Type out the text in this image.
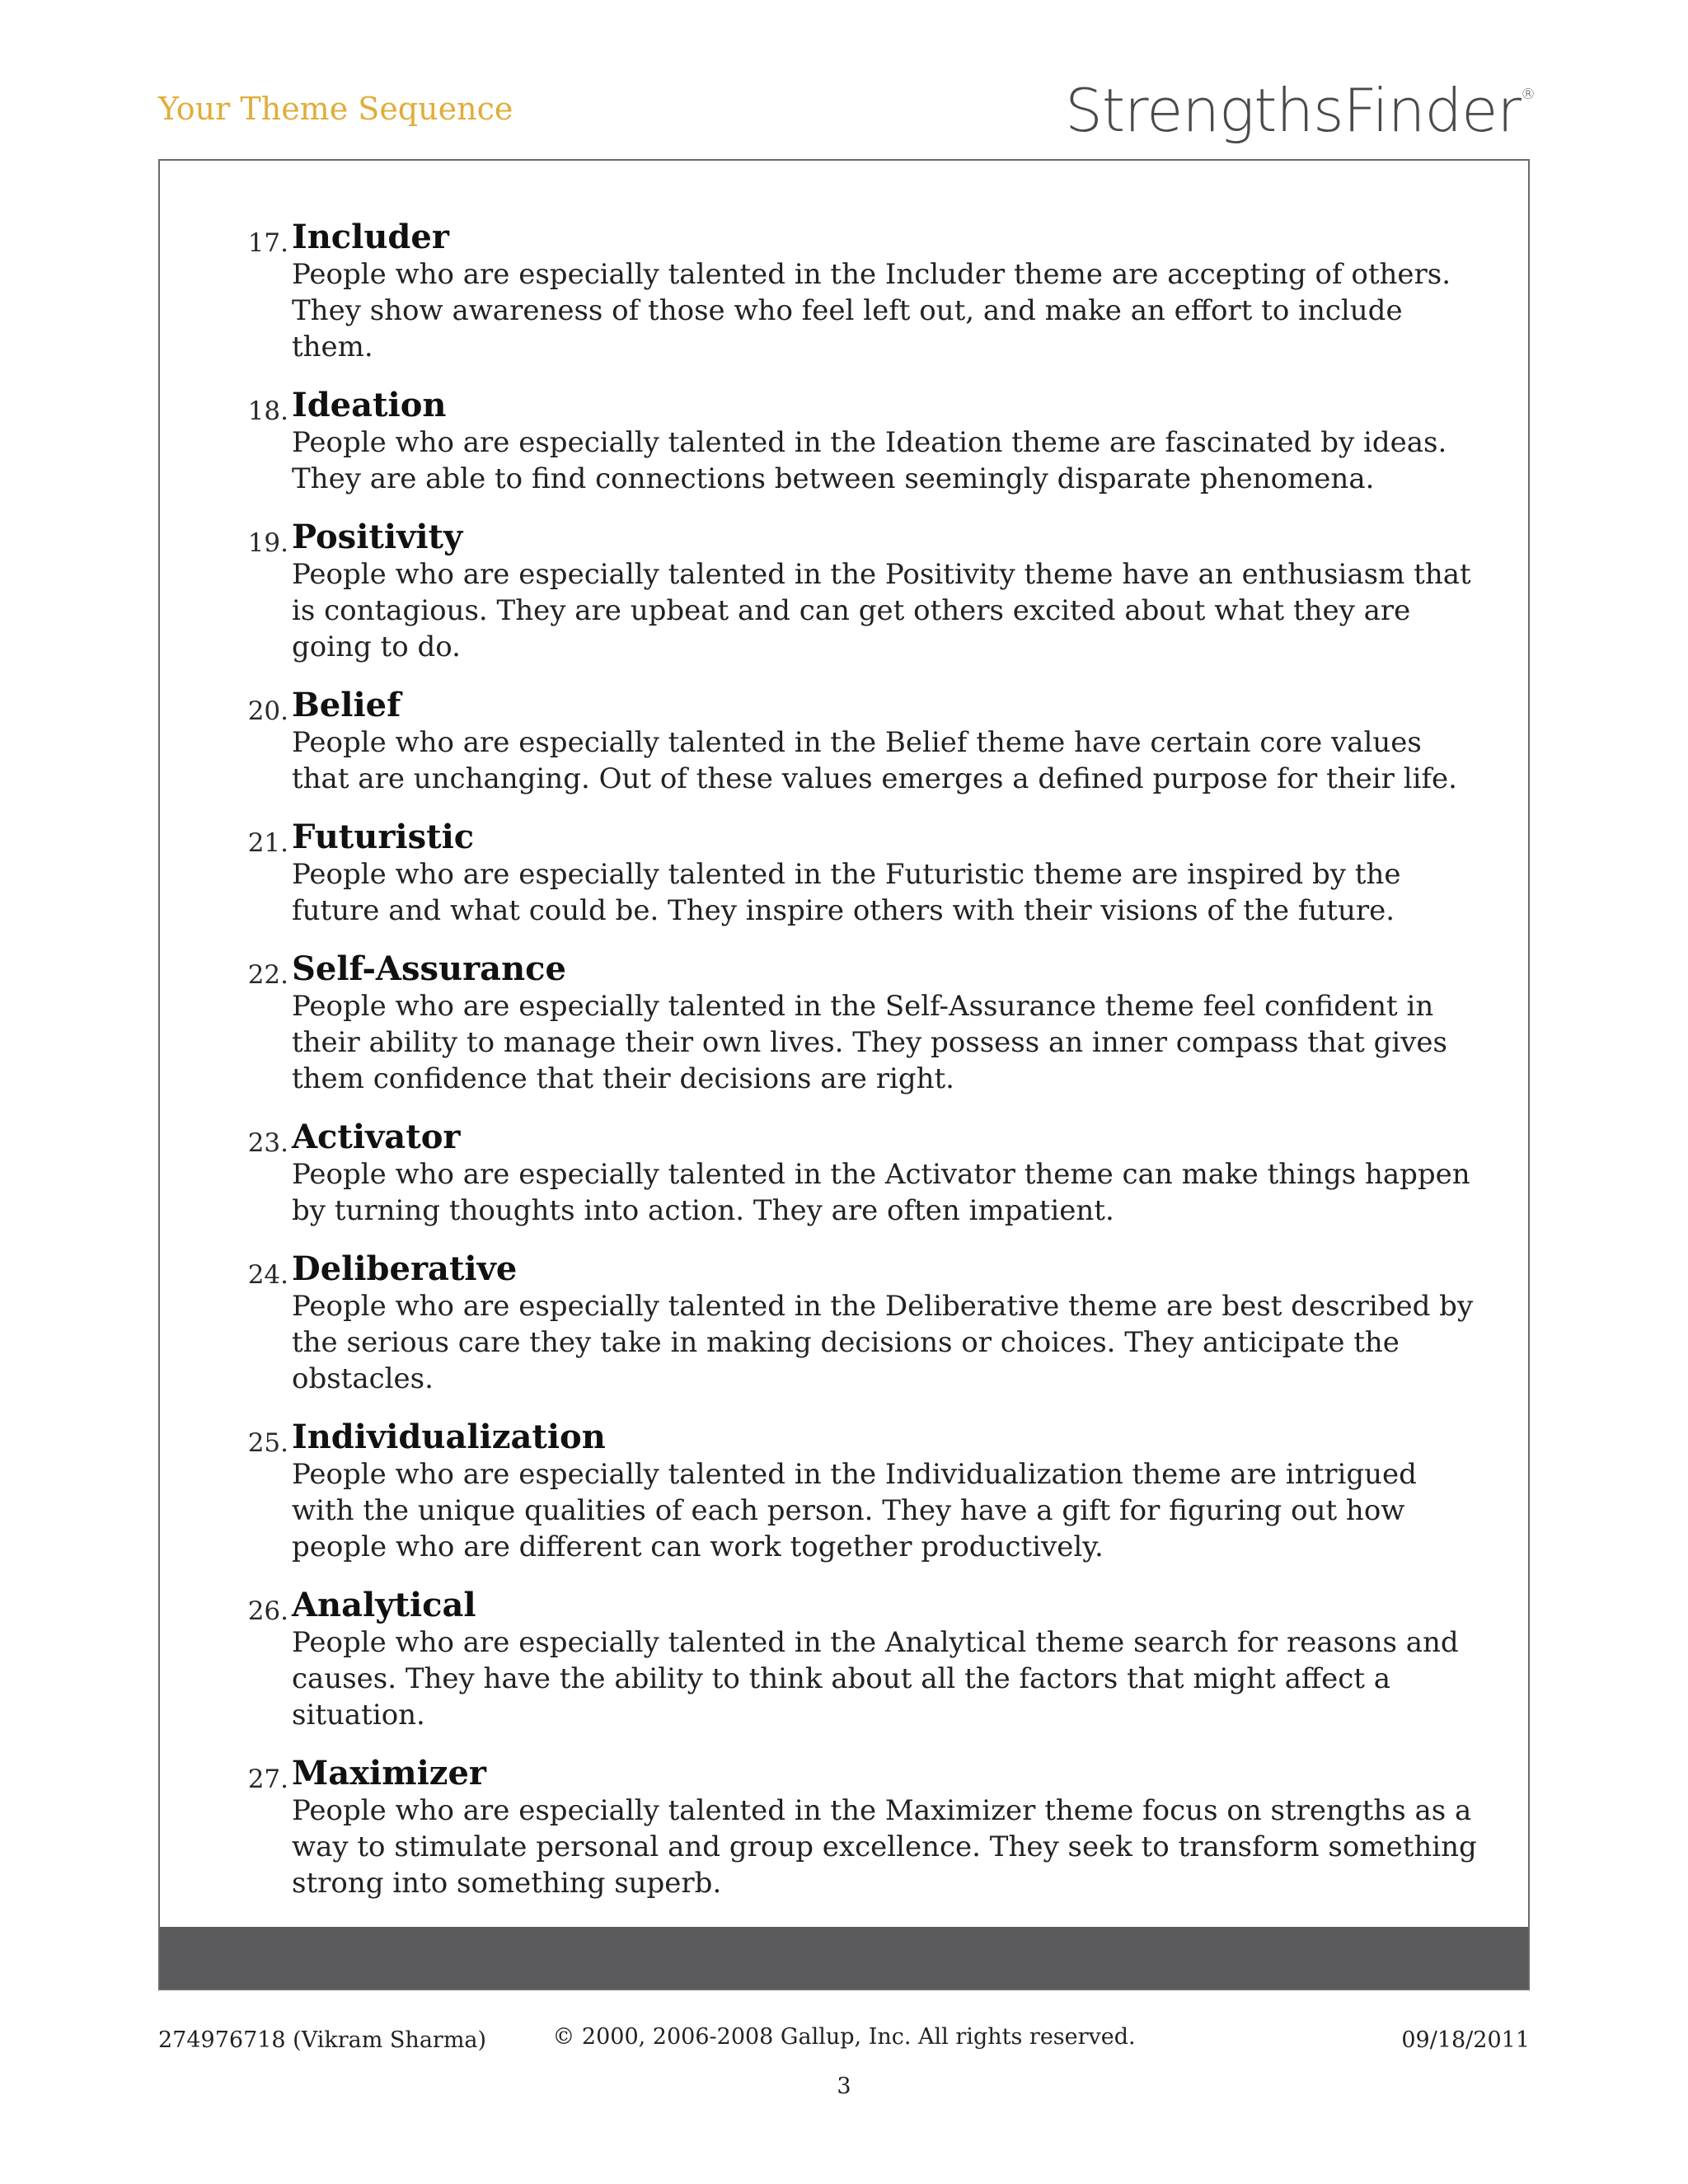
Your Theme Sequence	StrengthsFinder®
17. Includer
People who are especially talented in the Includer theme are accepting of others. They show awareness of those who feel left out, and make an effort to include them.
18. Ideation
People who are especially talented in the Ideation theme are fascinated by ideas. They are able to find connections between seemingly disparate phenomena.
19. Positivity
People who are especially talented in the Positivity theme have an enthusiasm that is contagious. They are upbeat and can get others excited about what they are going to do.
20. Belief
People who are especially talented in the Belief theme have certain core values that are unchanging. Out of these values emerges a defined purpose for their life.
21. Futuristic
People who are especially talented in the Futuristic theme are inspired by the future and what could be. They inspire others with their visions of the future.
22. Self-Assurance
People who are especially talented in the Self-Assurance theme feel confident in their ability to manage their own lives. They possess an inner compass that gives them confidence that their decisions are right.
23. Activator
People who are especially talented in the Activator theme can make things happen by turning thoughts into action. They are often impatient.
24. Deliberative
People who are especially talented in the Deliberative theme are best described by the serious care they take in making decisions or choices. They anticipate the obstacles.
25. Individualization
People who are especially talented in the Individualization theme are intrigued with the unique qualities of each person. They have a gift for figuring out how people who are different can work together productively.
26. Analytical
People who are especially talented in the Analytical theme search for reasons and causes. They have the ability to think about all the factors that might affect a situation.
27. Maximizer
People who are especially talented in the Maximizer theme focus on strengths as a way to stimulate personal and group excellence. They seek to transform something strong into something superb.
274976718 (Vikram Sharma)	© 2000, 2006-2008 Gallup, Inc. All rights reserved.	09/18/2011
3
